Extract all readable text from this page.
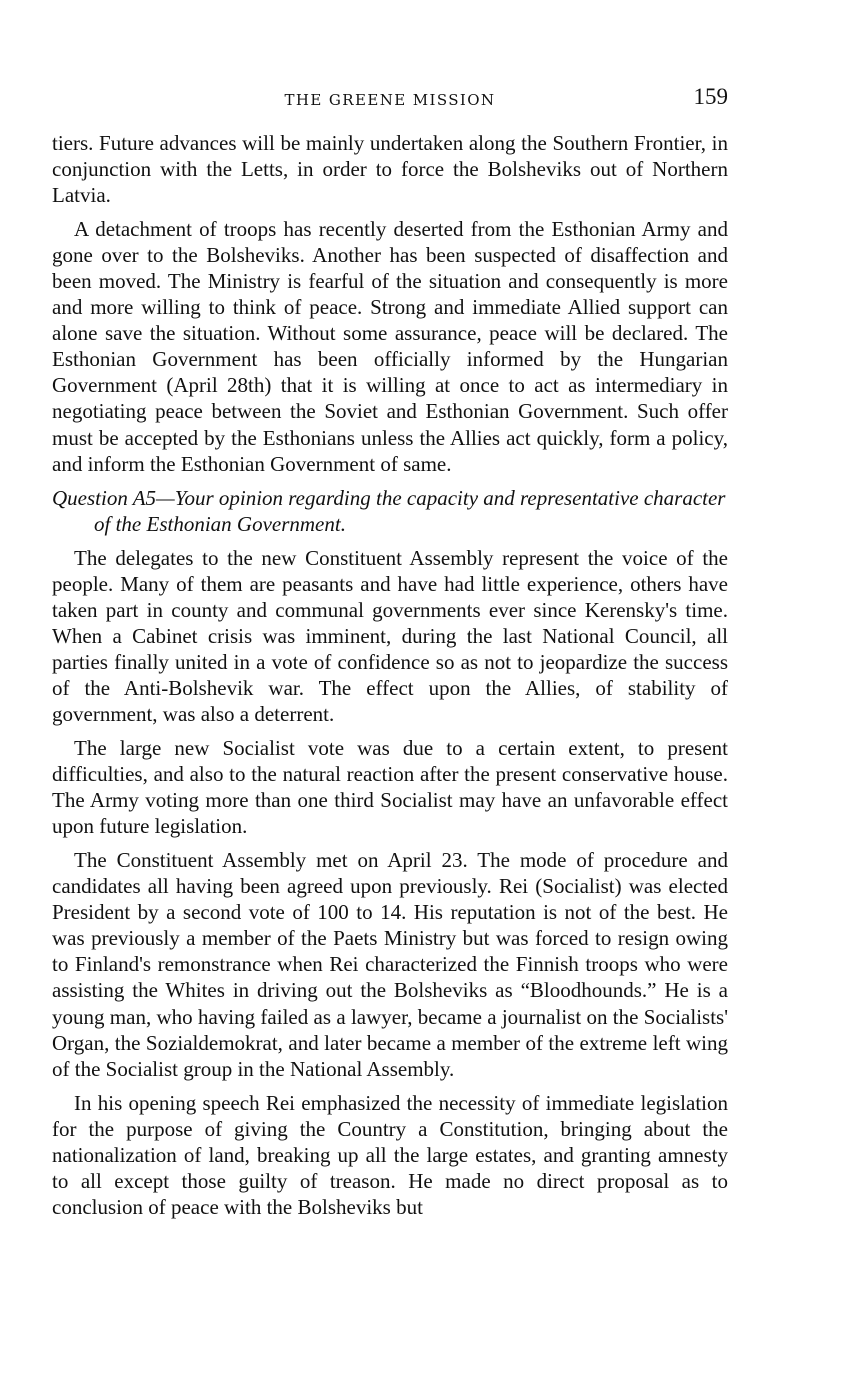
THE GREENE MISSION	159

tiers. Future advances will be mainly undertaken along the Southern Frontier, in conjunction with the Letts, in order to force the Bolsheviks out of Northern Latvia.

A detachment of troops has recently deserted from the Esthonian Army and gone over to the Bolsheviks. Another has been suspected of disaffection and been moved. The Ministry is fearful of the situation and consequently is more and more willing to think of peace. Strong and immediate Allied support can alone save the situation. Without some assurance, peace will be declared. The Esthonian Government has been officially informed by the Hungarian Government (April 28th) that it is willing at once to act as intermediary in negotiating peace between the Soviet and Esthonian Government. Such offer must be accepted by the Esthonians unless the Allies act quickly, form a policy, and inform the Esthonian Government of same.

Question A5—Your opinion regarding the capacity and representative character of the Esthonian Government.

The delegates to the new Constituent Assembly represent the voice of the people. Many of them are peasants and have had little experience, others have taken part in county and communal governments ever since Kerensky's time. When a Cabinet crisis was imminent, during the last National Council, all parties finally united in a vote of confidence so as not to jeopardize the success of the Anti-Bolshevik war. The effect upon the Allies, of stability of government, was also a deterrent.

The large new Socialist vote was due to a certain extent, to present difficulties, and also to the natural reaction after the present conservative house. The Army voting more than one third Socialist may have an unfavorable effect upon future legislation.

The Constituent Assembly met on April 23. The mode of procedure and candidates all having been agreed upon previously. Rei (Socialist) was elected President by a second vote of 100 to 14. His reputation is not of the best. He was previously a member of the Paets Ministry but was forced to resign owing to Finland's remonstrance when Rei characterized the Finnish troops who were assisting the Whites in driving out the Bolsheviks as “Bloodhounds.” He is a young man, who having failed as a lawyer, became a journalist on the Socialists' Organ, the Sozialdemokrat, and later became a member of the extreme left wing of the Socialist group in the National Assembly.

In his opening speech Rei emphasized the necessity of immediate legislation for the purpose of giving the Country a Constitution, bringing about the nationalization of land, breaking up all the large estates, and granting amnesty to all except those guilty of treason. He made no direct proposal as to conclusion of peace with the Bolsheviks but
